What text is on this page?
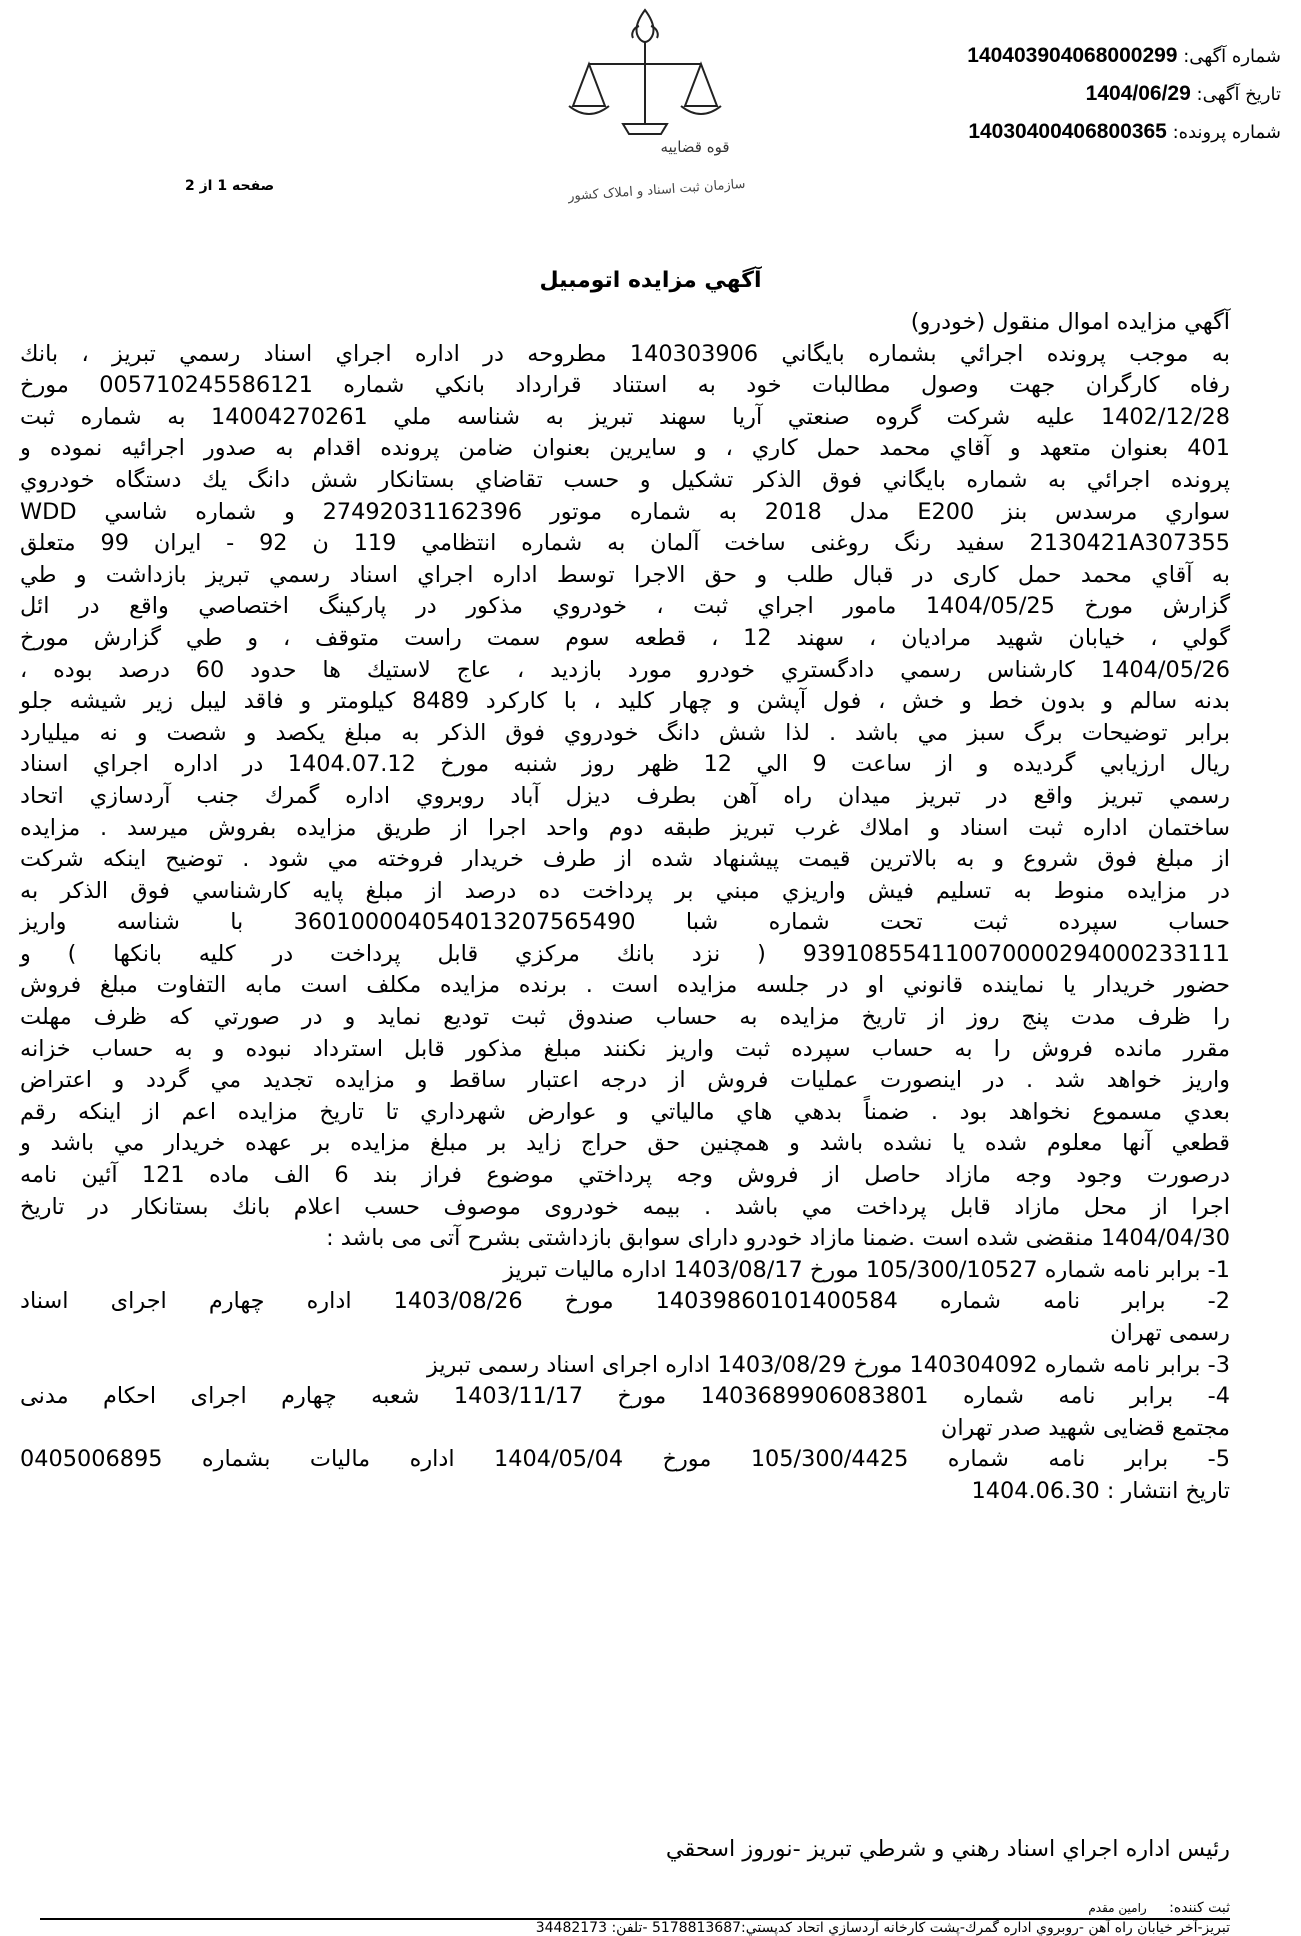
شماره آگهی: 140403904068000299
تاریخ آگهی: 1404/06/29
شماره پرونده: 14030400406800365
قوه قضاییه
سازمان ثبت اسناد و املاک کشور
صفحه 1 از 2
آگهي مزايده اتومبيل
آگهي مزايده اموال منقول (خودرو)
به موجب پرونده اجرائي بشماره بايگاني 140303906 مطروحه در اداره اجراي اسناد رسمي تبريز ، بانك
رفاه كارگران جهت وصول مطالبات خود به استناد قرارداد بانكي شماره 005710245586121 مورخ
1402/12/28 عليه شركت گروه صنعتي آريا سهند تبريز به شناسه ملي 14004270261 به شماره ثبت
401 بعنوان متعهد و آقاي محمد حمل كاري ، و سايرين بعنوان ضامن پرونده اقدام به صدور اجرائيه نموده و
پرونده اجرائي به شماره بايگاني فوق الذكر تشكيل و حسب تقاضاي بستانكار شش دانگ يك دستگاه خودروي
سواري مرسدس بنز E200 مدل 2018 به شماره موتور 27492031162396 و شماره شاسي WDD
2130421A307355 سفيد رنگ روغنی ساخت آلمان به شماره انتظامي 119 ن 92 - ايران 99 متعلق
به آقاي محمد حمل كاری در قبال طلب و حق الاجرا توسط اداره اجراي اسناد رسمي تبريز بازداشت و طي
گزارش مورخ 1404/05/25 مامور اجراي ثبت ، خودروي مذكور در پاركينگ اختصاصي واقع در ائل
گولي ، خيابان شهيد مراديان ، سهند 12 ، قطعه سوم سمت راست متوقف ، و طي گزارش مورخ
1404/05/26 كارشناس رسمي دادگستري خودرو مورد بازديد ، عاج لاستيك ها حدود 60 درصد بوده ،
بدنه سالم و بدون خط و خش ، فول آپشن و چهار كليد ، با كاركرد 8489 كيلومتر و فاقد ليبل زير شيشه جلو
برابر توضيحات برگ سبز مي باشد . لذا شش دانگ خودروي فوق الذكر به مبلغ يكصد و شصت و نه ميليارد
ريال ارزيابي گرديده و از ساعت 9 الي 12 ظهر روز شنبه مورخ 1404.07.12 در اداره اجراي اسناد
رسمي تبريز واقع در تبريز ميدان راه آهن بطرف ديزل آباد روبروي اداره گمرك جنب آردسازي اتحاد
ساختمان اداره ثبت اسناد و املاك غرب تبريز طبقه دوم واحد اجرا از طريق مزايده بفروش ميرسد . مزايده
از مبلغ فوق شروع و به بالاترين قيمت پيشنهاد شده از طرف خريدار فروخته مي شود . توضيح اينكه شركت
در مزايده منوط به تسليم فيش واريزي مبني بر پرداخت ده درصد از مبلغ پايه كارشناسي فوق الذكر به
حساب سپرده ثبت تحت شماره شبا 360100004054013207565490 با شناسه واريز
939108554110070000294000233111 ( نزد بانك مركزي قابل پرداخت در كليه بانكها ) و
حضور خريدار يا نماينده قانوني او در جلسه مزايده است . برنده مزايده مكلف است مابه التفاوت مبلغ فروش
را ظرف مدت پنج روز از تاريخ مزايده به حساب صندوق ثبت توديع نمايد و در صورتي كه ظرف مهلت
مقرر مانده فروش را به حساب سپرده ثبت واريز نكنند مبلغ مذكور قابل استرداد نبوده و به حساب خزانه
واريز خواهد شد . در اينصورت عمليات فروش از درجه اعتبار ساقط و مزايده تجديد مي گردد و اعتراض
بعدي مسموع نخواهد بود . ضمناً بدهي هاي مالياتي و عوارض شهرداري تا تاريخ مزايده اعم از اينكه رقم
قطعي آنها معلوم شده يا نشده باشد و همچنين حق حراج زايد بر مبلغ مزايده بر عهده خريدار مي باشد و
درصورت وجود وجه مازاد حاصل از فروش وجه پرداختي موضوع فراز بند 6 الف ماده 121 آئين نامه
اجرا از محل مازاد قابل پرداخت مي باشد . بيمه خودروی موصوف حسب اعلام بانك بستانكار در تاريخ
1404/04/30 منقضی شده است .ضمنا مازاد خودرو دارای سوابق بازداشتی بشرح آتی می باشد :
1- برابر نامه شماره 105/300/10527 مورخ 1403/08/17 اداره ماليات تبريز
2- برابر نامه شماره 14039860101400584 مورخ 1403/08/26 اداره چهارم اجرای اسناد
رسمی تهران
3- برابر نامه شماره 140304092 مورخ 1403/08/29 اداره اجرای اسناد رسمی تبريز
4- برابر نامه شماره 1403689906083801 مورخ 1403/11/17 شعبه چهارم اجرای احكام مدنی
مجتمع قضايی شهيد صدر تهران
5- برابر نامه شماره 105/300/4425 مورخ 1404/05/04 اداره ماليات بشماره 0405006895
تاريخ انتشار : 1404.06.30
رئيس اداره اجراي اسناد رهني و شرطي تبريز -نوروز اسحقي
ثبت كننده: رامين مقدم
تبريز-آخر خيابان راه آهن -روبروي اداره گمرك-پشت كارخانه آردسازي اتحاد كدپستي:5178813687 -تلفن: 34482173
